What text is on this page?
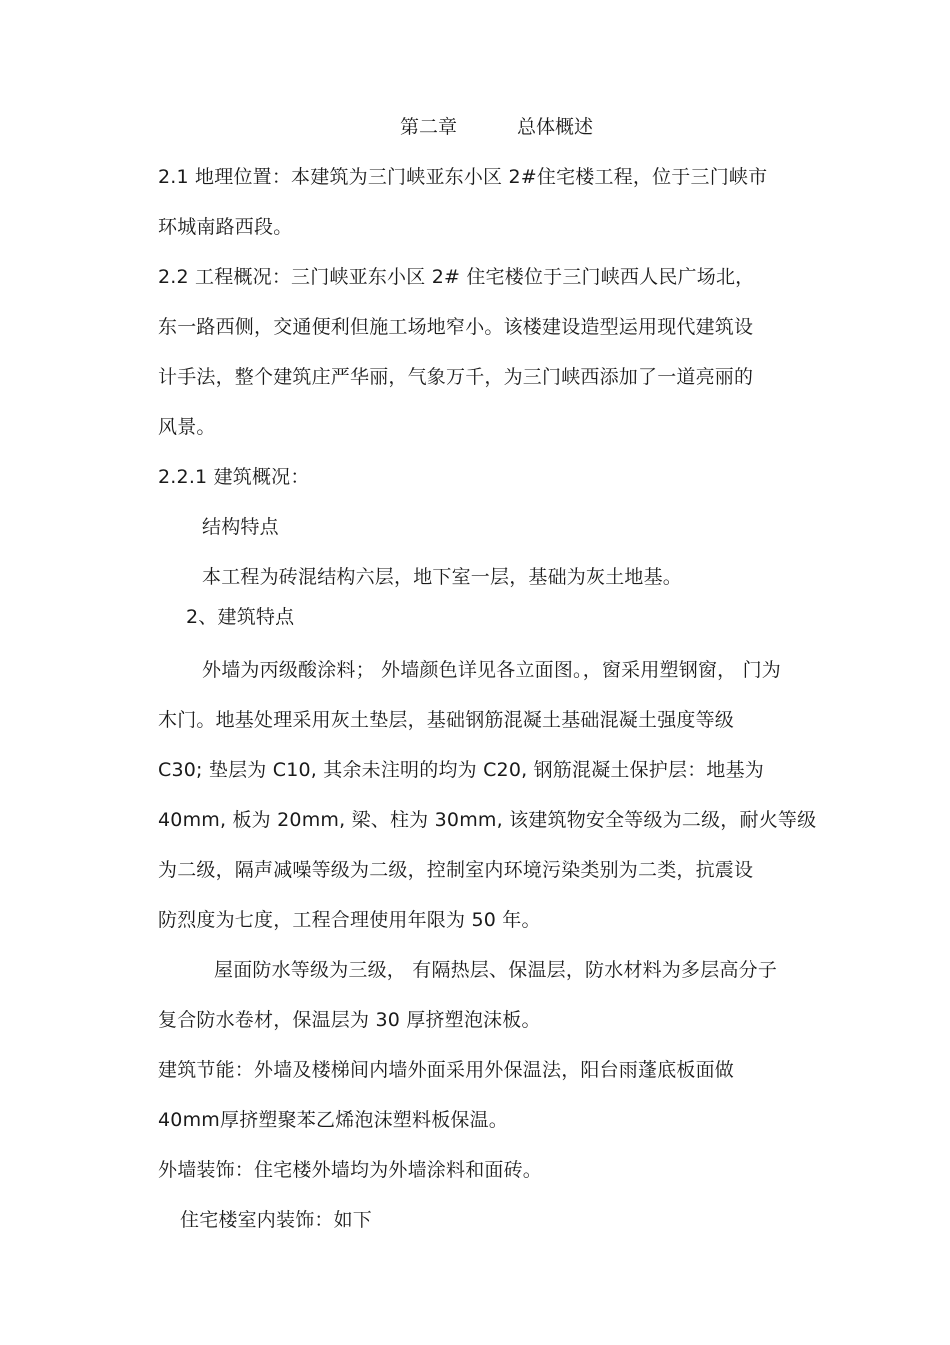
第二章	总体概述
2.1 地理位置：本建筑为三门峡亚东小区 2#住宅楼工程，位于三门峡市
环城南路西段。
2.2 工程概况：三门峡亚东小区 2# 住宅楼位于三门峡西人民广场北，
东一路西侧，交通便利但施工场地窄小。该楼建设造型运用现代建筑设
计手法，整个建筑庄严华丽，气象万千，为三门峡西添加了一道亮丽的
风景。
2.2.1 建筑概况：
结构特点
本工程为砖混结构六层，地下室一层，基础为灰土地基。
2、建筑特点
外墙为丙级酸涂料； 外墙颜色详见各立面图。，窗采用塑钢窗， 门为
木门。地基处理采用灰土垫层，基础钢筋混凝土基础混凝土强度等级
C30; 垫层为 C10, 其余未注明的均为 C20, 钢筋混凝土保护层：地基为
40mm, 板为 20mm, 梁、柱为 30mm, 该建筑物安全等级为二级，耐火等级
为二级，隔声减噪等级为二级，控制室内环境污染类别为二类，抗震设
防烈度为七度，工程合理使用年限为 50 年。
屋面防水等级为三级， 有隔热层、保温层，防水材料为多层高分子
复合防水卷材，保温层为 30 厚挤塑泡沫板。
建筑节能：外墙及楼梯间内墙外面采用外保温法，阳台雨蓬底板面做
40mm厚挤塑聚苯乙烯泡沫塑料板保温。
外墙装饰：住宅楼外墙均为外墙涂料和面砖。
住宅楼室内装饰：如下
